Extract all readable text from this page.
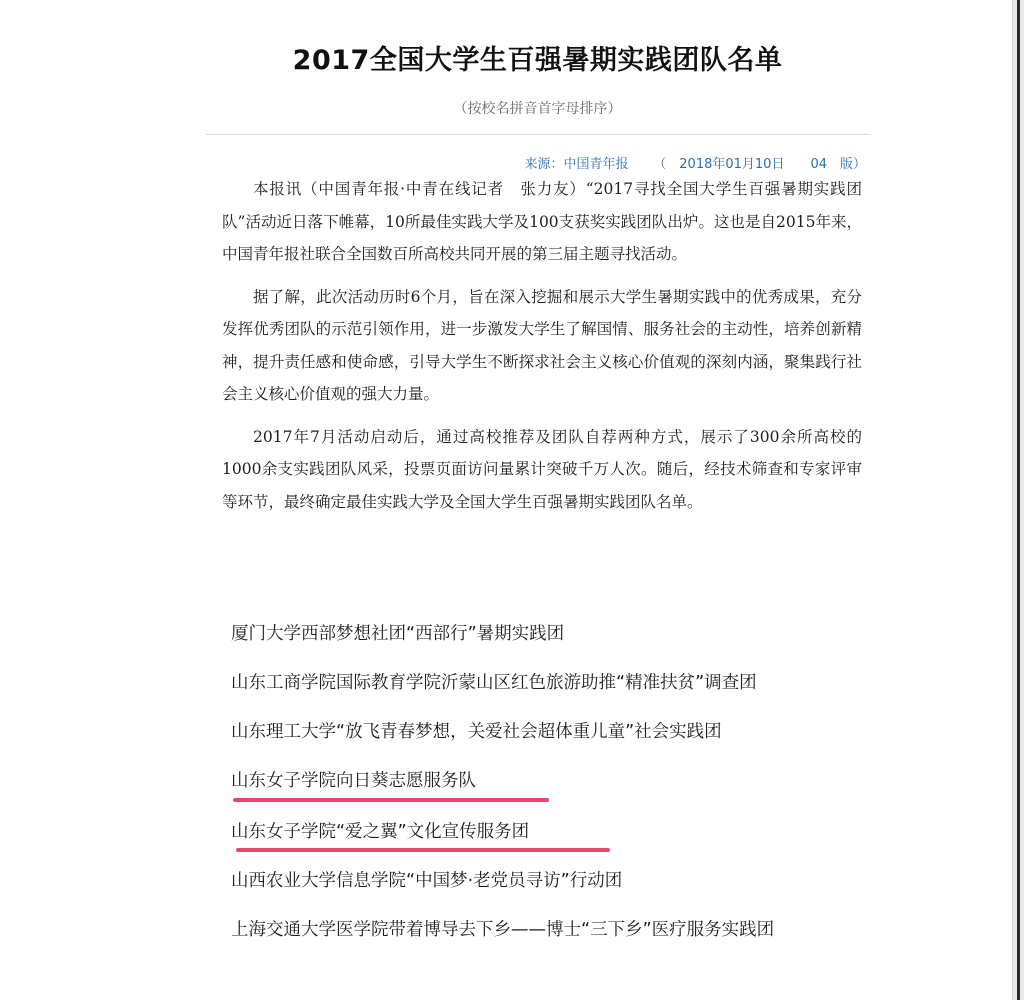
2017全国大学生百强暑期实践团队名单
（按校名拼音首字母排序）

来源：中国青年报 （　2018年01月10日　　04　版）

本报讯（中国青年报·中青在线记者　张力友）“2017寻找全国大学生百强暑期实践团队”活动近日落下帷幕，10所最佳实践大学及100支获奖实践团队出炉。这也是自2015年来，中国青年报社联合全国数百所高校共同开展的第三届主题寻找活动。

据了解，此次活动历时6个月，旨在深入挖掘和展示大学生暑期实践中的优秀成果，充分发挥优秀团队的示范引领作用，进一步激发大学生了解国情、服务社会的主动性，培养创新精神，提升责任感和使命感，引导大学生不断探求社会主义核心价值观的深刻内涵，聚集践行社会主义核心价值观的强大力量。

2017年7月活动启动后，通过高校推荐及团队自荐两种方式，展示了300余所高校的1000余支实践团队风采，投票页面访问量累计突破千万人次。随后，经技术筛查和专家评审等环节，最终确定最佳实践大学及全国大学生百强暑期实践团队名单。

厦门大学西部梦想社团“西部行”暑期实践团
山东工商学院国际教育学院沂蒙山区红色旅游助推“精准扶贫”调查团
山东理工大学“放飞青春梦想，关爱社会超体重儿童”社会实践团
山东女子学院向日葵志愿服务队
山东女子学院“爱之翼”文化宣传服务团
山西农业大学信息学院“中国梦·老党员寻访”行动团
上海交通大学医学院带着博导去下乡——博士“三下乡”医疗服务实践团
